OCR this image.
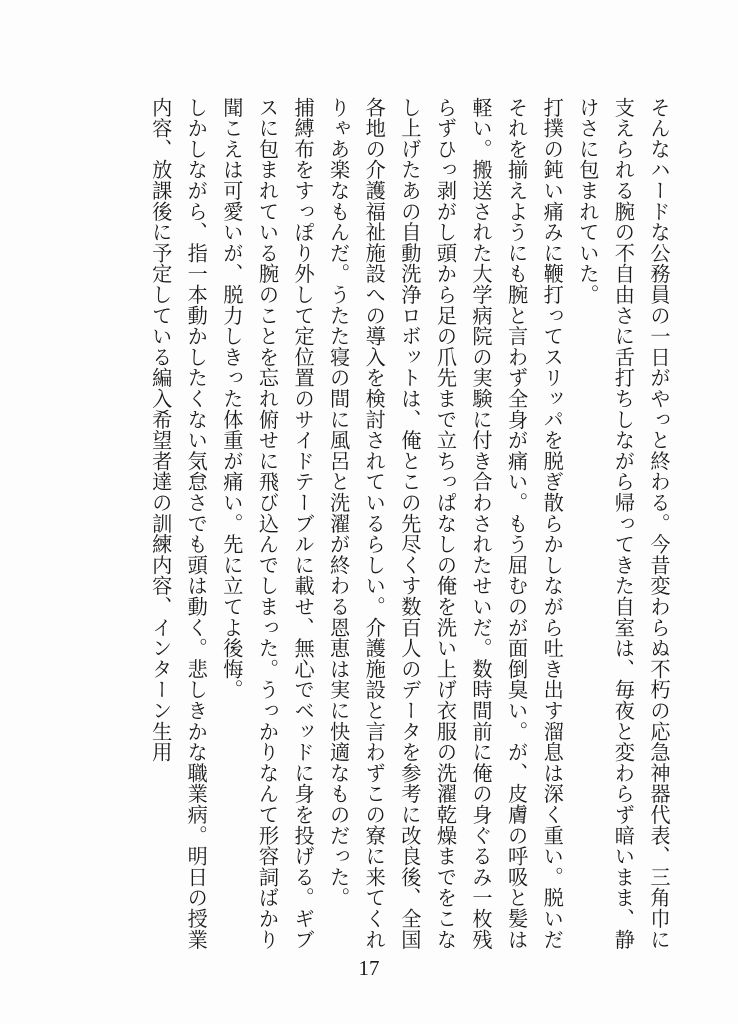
そんなハードな公務員の一日がやっと終わる。今昔変わらぬ不朽の応急神器代表、三角巾に支えられる腕の不自由さに舌打ちしながら帰ってきた自室は、毎夜と変わらず暗いまま、静けさに包まれていた。

打撲の鈍い痛みに鞭打ってスリッパを脱ぎ散らかしながら吐き出す溜息は深く重い。脱いだそれを揃えようにも腕と言わず全身が痛い。もう屈むのが面倒臭い。が、皮膚の呼吸と髪は軽い。搬送された大学病院の実験に付き合わされたせいだ。数時間前に俺の身ぐるみ一枚残らずひっ剥がし頭から足の爪先まで立ちっぱなしの俺を洗い上げ衣服の洗濯乾燥までをこなし上げたあの自動洗浄ロボットは、俺とこの先尽くす数百人のデータを参考に改良後、全国各地の介護福祉施設への導入を検討されているらしい。介護施設と言わずこの寮に来てくれりゃあ楽なもんだ。うたた寝の間に風呂と洗濯が終わる恩恵は実に快適なものだった。

捕縛布をすっぽり外して定位置のサイドテーブルに載せ、無心でベッドに身を投げる。ギブスに包まれている腕のことを忘れ俯せに飛び込んでしまった。うっかりなんて形容詞ばかり聞こえは可愛いが、脱力しきった体重が痛い。先に立てよ後悔。

しかしながら、指一本動かしたくない気怠さでも頭は動く。悲しきかな職業病。明日の授業内容、放課後に予定している編入希望者達の訓練内容、インターン生用

17
